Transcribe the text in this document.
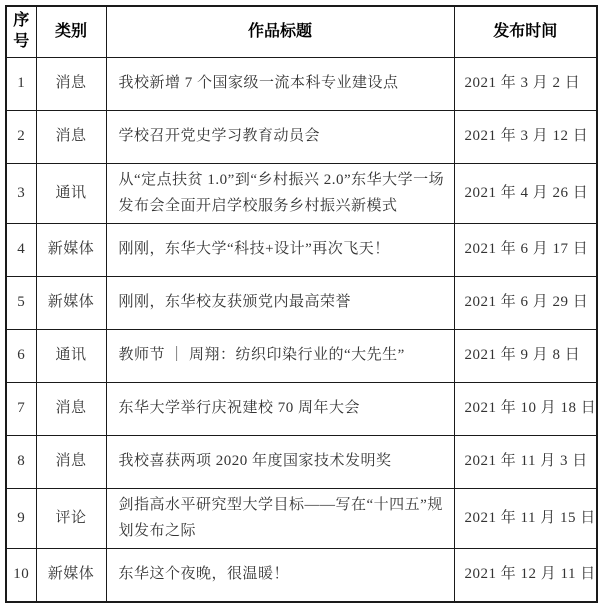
序号	类别	作品标题	发布时间
1	消息	我校新增 7 个国家级一流本科专业建设点	2021 年 3 月 2 日
2	消息	学校召开党史学习教育动员会	2021 年 3 月 12 日
3	通讯	从“定点扶贫 1.0”到“乡村振兴 2.0”东华大学一场发布会全面开启学校服务乡村振兴新模式	2021 年 4 月 26 日
4	新媒体	刚刚，东华大学“科技+设计”再次飞天！	2021 年 6 月 17 日
5	新媒体	刚刚，东华校友获颁党内最高荣誉	2021 年 6 月 29 日
6	通讯	教师节 ｜ 周翔：纺织印染行业的“大先生”	2021 年 9 月 8 日
7	消息	东华大学举行庆祝建校 70 周年大会	2021 年 10 月 18 日
8	消息	我校喜获两项 2020 年度国家技术发明奖	2021 年 11 月 3 日
9	评论	剑指高水平研究型大学目标——写在“十四五”规划发布之际	2021 年 11 月 15 日
10	新媒体	东华这个夜晚，很温暖！	2021 年 12 月 11 日
